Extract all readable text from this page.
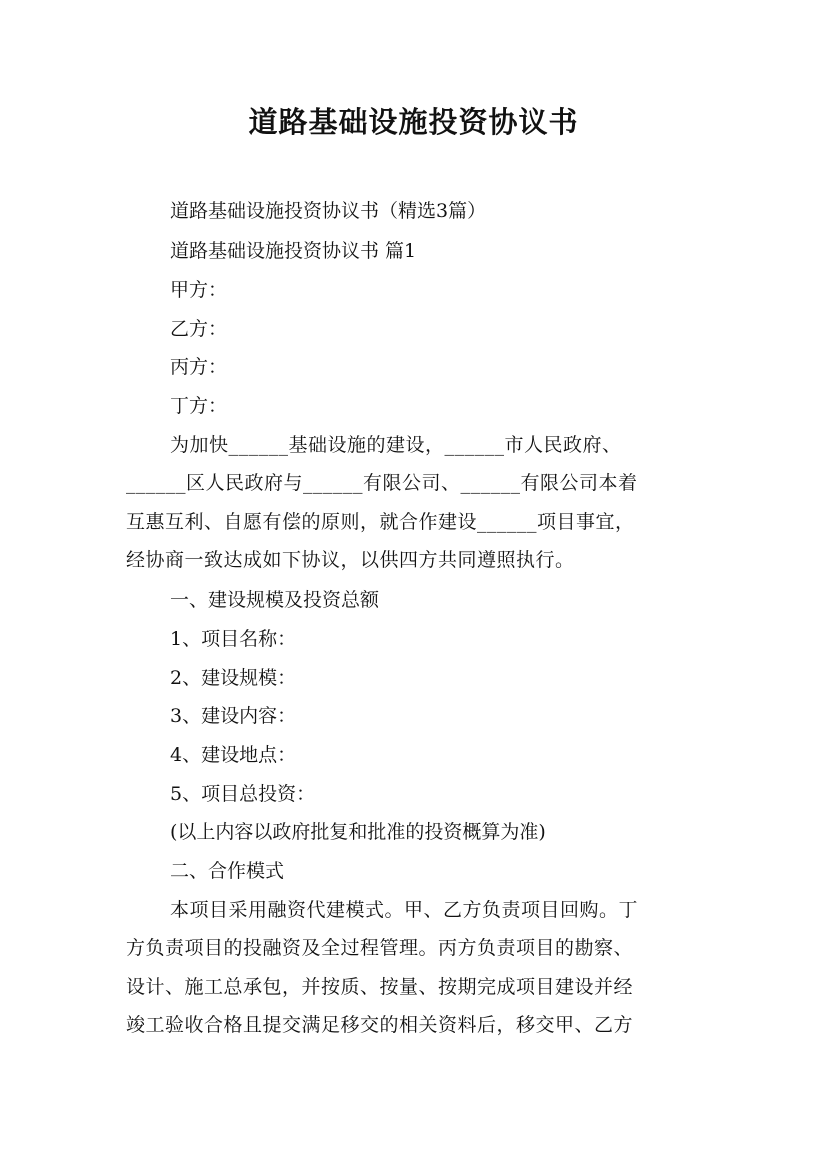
道路基础设施投资协议书

道路基础设施投资协议书（精选3篇）

道路基础设施投资协议书 篇1

甲方：

乙方：

丙方：

丁方：

为加快______基础设施的建设，______市人民政府、

______区人民政府与______有限公司、______有限公司本着

互惠互利、自愿有偿的原则，就合作建设______项目事宜，

经协商一致达成如下协议，以供四方共同遵照执行。

一、建设规模及投资总额

1、项目名称：

2、建设规模：

3、建设内容：

4、建设地点：

5、项目总投资：

(以上内容以政府批复和批准的投资概算为准)

二、合作模式

本项目采用融资代建模式。甲、乙方负责项目回购。丁

方负责项目的投融资及全过程管理。丙方负责项目的勘察、

设计、施工总承包，并按质、按量、按期完成项目建设并经

竣工验收合格且提交满足移交的相关资料后，移交甲、乙方
